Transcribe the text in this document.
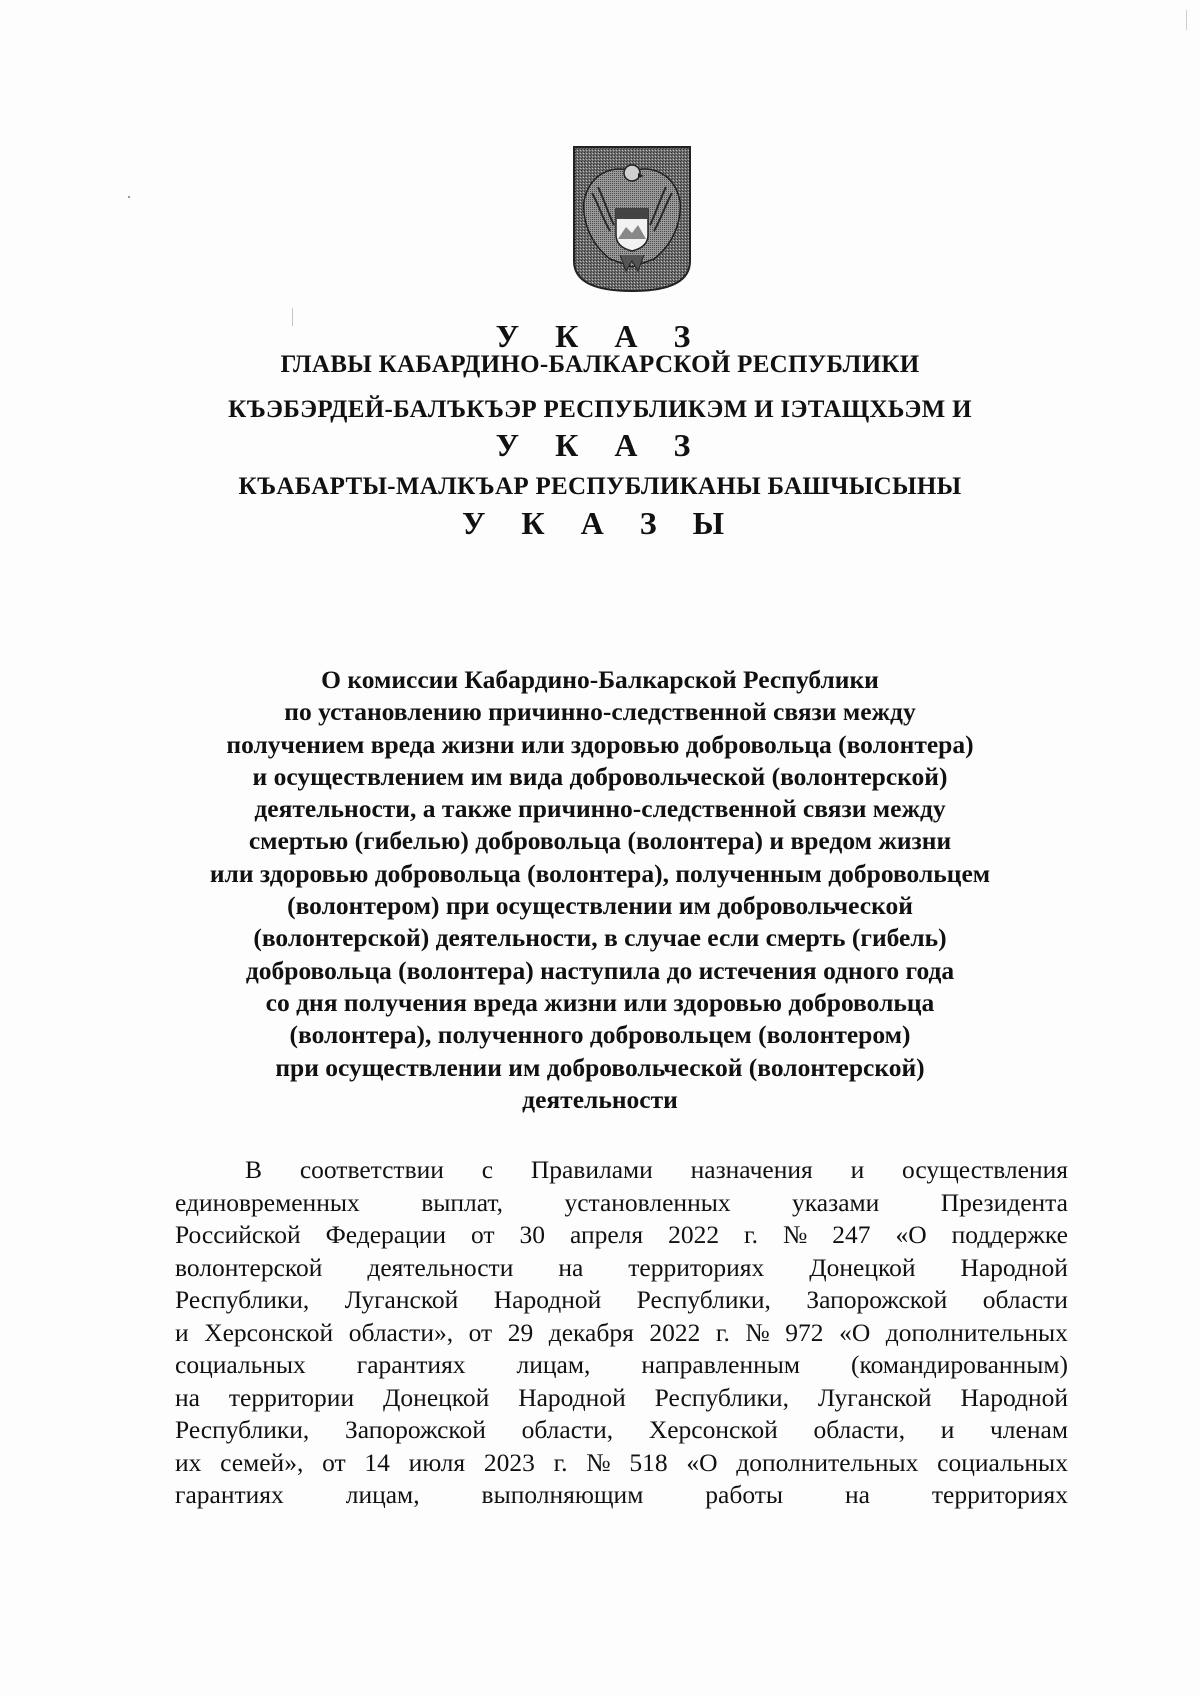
У К А З
ГЛАВЫ КАБАРДИНО-БАЛКАРСКОЙ РЕСПУБЛИКИ
КЪЭБЭРДЕЙ-БАЛЪКЪЭР РЕСПУБЛИКЭМ И IЭТАЩХЬЭМ И
У К А З
КЪАБАРТЫ-МАЛКЪАР РЕСПУБЛИКАНЫ БАШЧЫСЫНЫ
У К А З Ы
О комиссии Кабардино-Балкарской Республики
по установлению причинно-следственной связи между
получением вреда жизни или здоровью добровольца (волонтера)
и осуществлением им вида добровольческой (волонтерской)
деятельности, а также причинно-следственной связи между
смертью (гибелью) добровольца (волонтера) и вредом жизни
или здоровью добровольца (волонтера), полученным добровольцем
(волонтером) при осуществлении им добровольческой
(волонтерской) деятельности, в случае если смерть (гибель)
добровольца (волонтера) наступила до истечения одного года
со дня получения вреда жизни или здоровью добровольца
(волонтера), полученного добровольцем (волонтером)
при осуществлении им добровольческой (волонтерской)
деятельности
В соответствии с Правилами назначения и осуществления
единовременных выплат, установленных указами Президента
Российской Федерации от 30 апреля 2022 г. № 247 «О поддержке
волонтерской деятельности на территориях Донецкой Народной
Республики, Луганской Народной Республики, Запорожской области
и Херсонской области», от 29 декабря 2022 г. № 972 «О дополнительных
социальных гарантиях лицам, направленным (командированным)
на территории Донецкой Народной Республики, Луганской Народной
Республики, Запорожской области, Херсонской области, и членам
их семей», от 14 июля 2023 г. № 518 «О дополнительных социальных
гарантиях лицам, выполняющим работы на территориях
